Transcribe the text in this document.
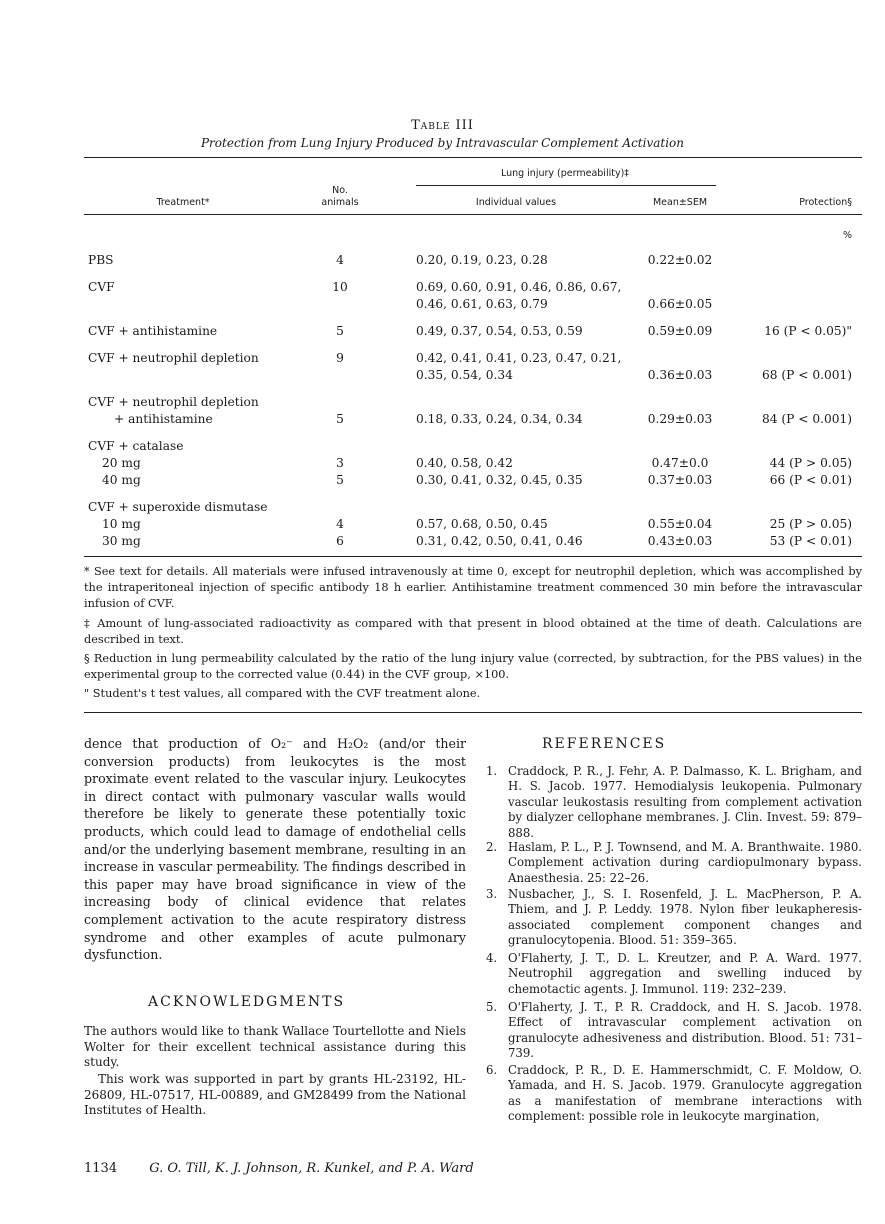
Table III
Protection from Lung Injury Produced by Intravascular Complement Activation
Lung injury (permeability)‡
Treatment*
No.
animals	Individual values	Mean±SEM	Protection§
%
PBS	4	0.20, 0.19, 0.23, 0.28	0.22±0.02
CVF	10	0.69, 0.60, 0.91, 0.46, 0.86, 0.67,
0.46, 0.61, 0.63, 0.79	0.66±0.05
CVF + antihistamine	5	0.49, 0.37, 0.54, 0.53, 0.59	0.59±0.09	16 (P < 0.05)"
CVF + neutrophil depletion	9	0.42, 0.41, 0.41, 0.23, 0.47, 0.21,
0.35, 0.54, 0.34	0.36±0.03	68 (P < 0.001)
CVF + neutrophil depletion
+ antihistamine	5	0.18, 0.33, 0.24, 0.34, 0.34	0.29±0.03	84 (P < 0.001)
CVF + catalase
20 mg	3	0.40, 0.58, 0.42	0.47±0.0	44 (P > 0.05)
40 mg	5	0.30, 0.41, 0.32, 0.45, 0.35	0.37±0.03	66 (P < 0.01)
CVF + superoxide dismutase
10 mg	4	0.57, 0.68, 0.50, 0.45	0.55±0.04	25 (P > 0.05)
30 mg	6	0.31, 0.42, 0.50, 0.41, 0.46	0.43±0.03	53 (P < 0.01)
* See text for details. All materials were infused intravenously at time 0, except for neutrophil depletion, which was accomplished by the intraperitoneal injection of specific antibody 18 h earlier. Antihistamine treatment commenced 30 min before the intravascular infusion of CVF.
‡ Amount of lung-associated radioactivity as compared with that present in blood obtained at the time of death. Calculations are described in text.
§ Reduction in lung permeability calculated by the ratio of the lung injury value (corrected, by subtraction, for the PBS values) in the experimental group to the corrected value (0.44) in the CVF group, ×100.
" Student's t test values, all compared with the CVF treatment alone.
dence that production of O₂⁻ and H₂O₂ (and/or their conversion products) from leukocytes is the most proximate event related to the vascular injury. Leukocytes in direct contact with pulmonary vascular walls would therefore be likely to generate these potentially toxic products, which could lead to damage of endothelial cells and/or the underlying basement membrane, resulting in an increase in vascular permeability. The findings described in this paper may have broad significance in view of the increasing body of clinical evidence that relates complement activation to the acute respiratory distress syndrome and other examples of acute pulmonary dysfunction.
ACKNOWLEDGMENTS
The authors would like to thank Wallace Tourtellotte and Niels Wolter for their excellent technical assistance during this study.
This work was supported in part by grants HL-23192, HL-26809, HL-07517, HL-00889, and GM28499 from the National Institutes of Health.
REFERENCES
1. Craddock, P. R., J. Fehr, A. P. Dalmasso, K. L. Brigham, and H. S. Jacob. 1977. Hemodialysis leukopenia. Pulmonary vascular leukostasis resulting from complement activation by dialyzer cellophane membranes. J. Clin. Invest. 59: 879–888.
2. Haslam, P. L., P. J. Townsend, and M. A. Branthwaite. 1980. Complement activation during cardiopulmonary bypass. Anaesthesia. 25: 22–26.
3. Nusbacher, J., S. I. Rosenfeld, J. L. MacPherson, P. A. Thiem, and J. P. Leddy. 1978. Nylon fiber leukapheresis-associated complement component changes and granulocytopenia. Blood. 51: 359–365.
4. O'Flaherty, J. T., D. L. Kreutzer, and P. A. Ward. 1977. Neutrophil aggregation and swelling induced by chemotactic agents. J. Immunol. 119: 232–239.
5. O'Flaherty, J. T., P. R. Craddock, and H. S. Jacob. 1978. Effect of intravascular complement activation on granulocyte adhesiveness and distribution. Blood. 51: 731–739.
6. Craddock, P. R., D. E. Hammerschmidt, C. F. Moldow, O. Yamada, and H. S. Jacob. 1979. Granulocyte aggregation as a manifestation of membrane interactions with complement: possible role in leukocyte margination,
1134 G. O. Till, K. J. Johnson, R. Kunkel, and P. A. Ward
